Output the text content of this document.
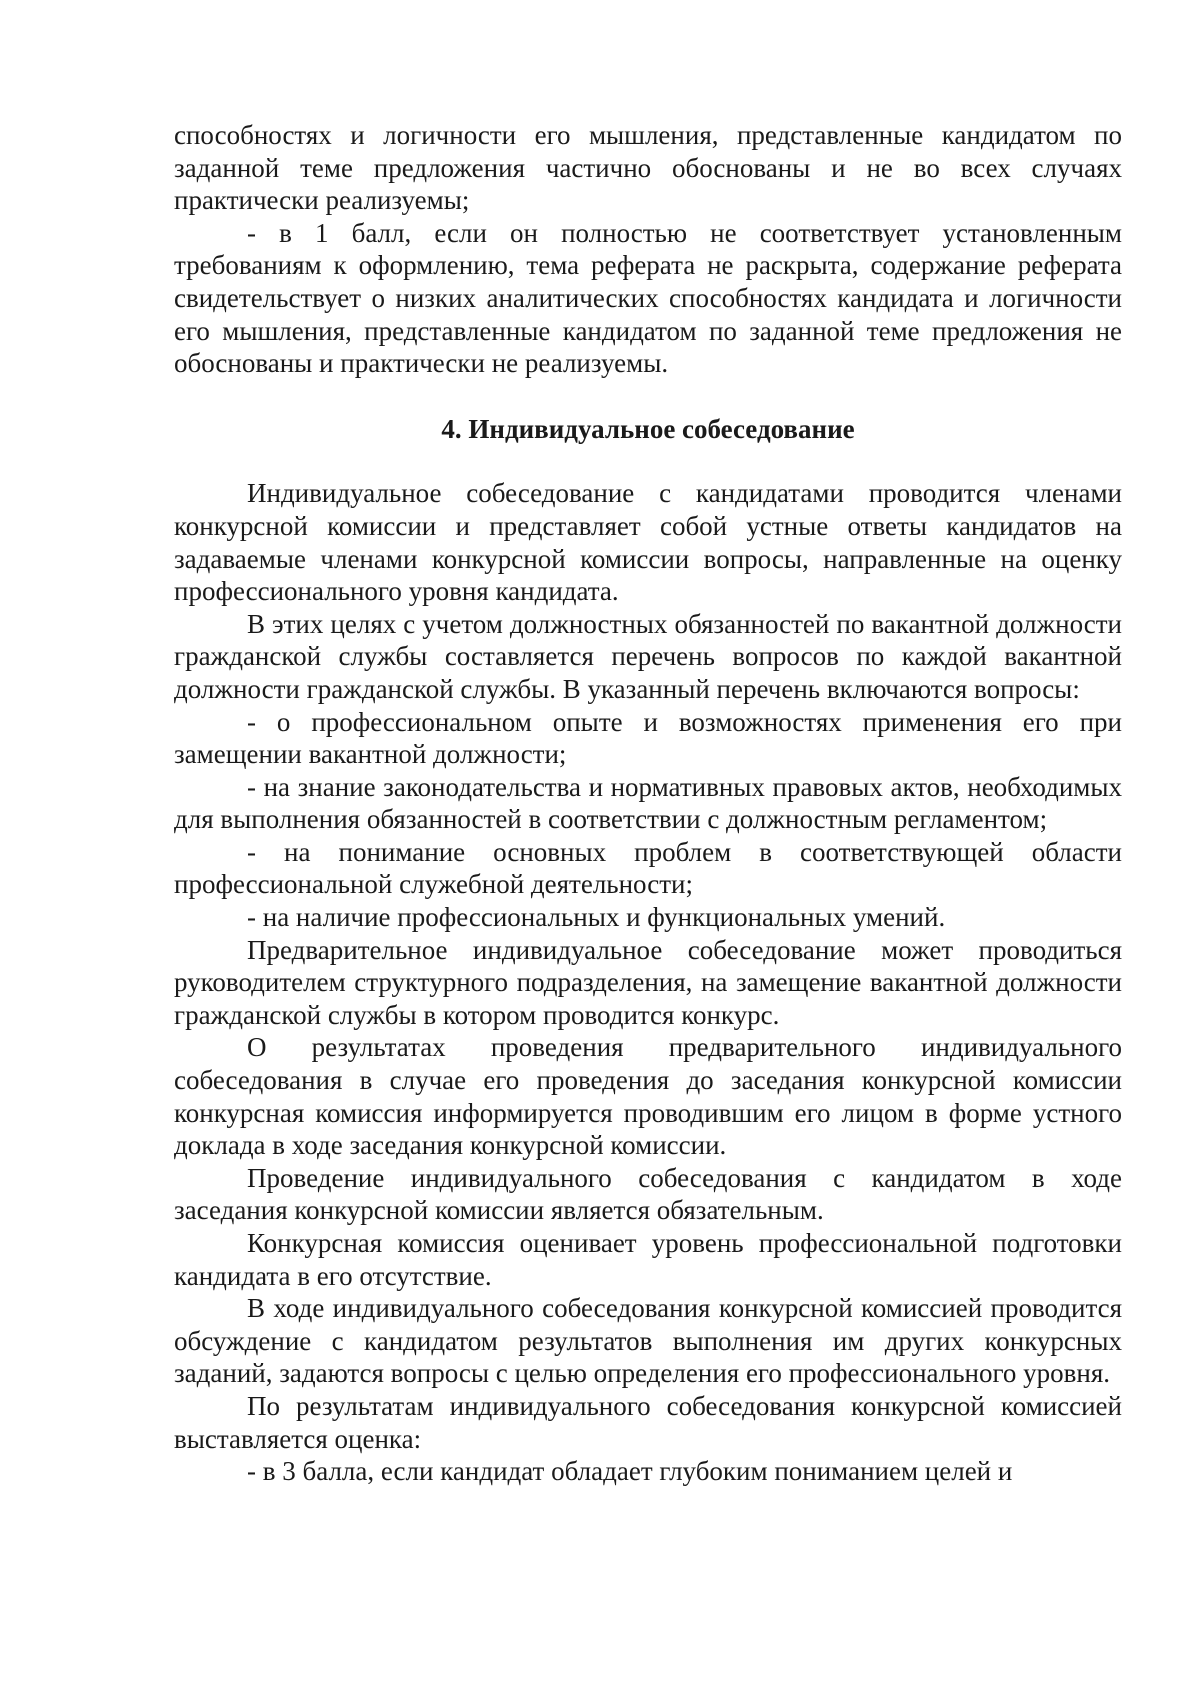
способностях и логичности его мышления, представленные кандидатом по заданной теме предложения частично обоснованы и не во всех случаях практически реализуемы;

- в 1 балл, если он полностью не соответствует установленным требованиям к оформлению, тема реферата не раскрыта, содержание реферата свидетельствует о низких аналитических способностях кандидата и логичности его мышления, представленные кандидатом по заданной теме предложения не обоснованы и практически не реализуемы.

4. Индивидуальное собеседование

Индивидуальное собеседование с кандидатами проводится членами конкурсной комиссии и представляет собой устные ответы кандидатов на задаваемые членами конкурсной комиссии вопросы, направленные на оценку профессионального уровня кандидата.

В этих целях с учетом должностных обязанностей по вакантной должности гражданской службы составляется перечень вопросов по каждой вакантной должности гражданской службы. В указанный перечень включаются вопросы:

- о профессиональном опыте и возможностях применения его при замещении вакантной должности;

- на знание законодательства и нормативных правовых актов, необходимых для выполнения обязанностей в соответствии с должностным регламентом;

- на понимание основных проблем в соответствующей области профессиональной служебной деятельности;

- на наличие профессиональных и функциональных умений.

Предварительное индивидуальное собеседование может проводиться руководителем структурного подразделения, на замещение вакантной должности гражданской службы в котором проводится конкурс.

О результатах проведения предварительного индивидуального собеседования в случае его проведения до заседания конкурсной комиссии конкурсная комиссия информируется проводившим его лицом в форме устного доклада в ходе заседания конкурсной комиссии.

Проведение индивидуального собеседования с кандидатом в ходе заседания конкурсной комиссии является обязательным.

Конкурсная комиссия оценивает уровень профессиональной подготовки кандидата в его отсутствие.

В ходе индивидуального собеседования конкурсной комиссией проводится обсуждение с кандидатом результатов выполнения им других конкурсных заданий, задаются вопросы с целью определения его профессионального уровня.

По результатам индивидуального собеседования конкурсной комиссией выставляется оценка:

- в 3 балла, если кандидат обладает глубоким пониманием целей и
